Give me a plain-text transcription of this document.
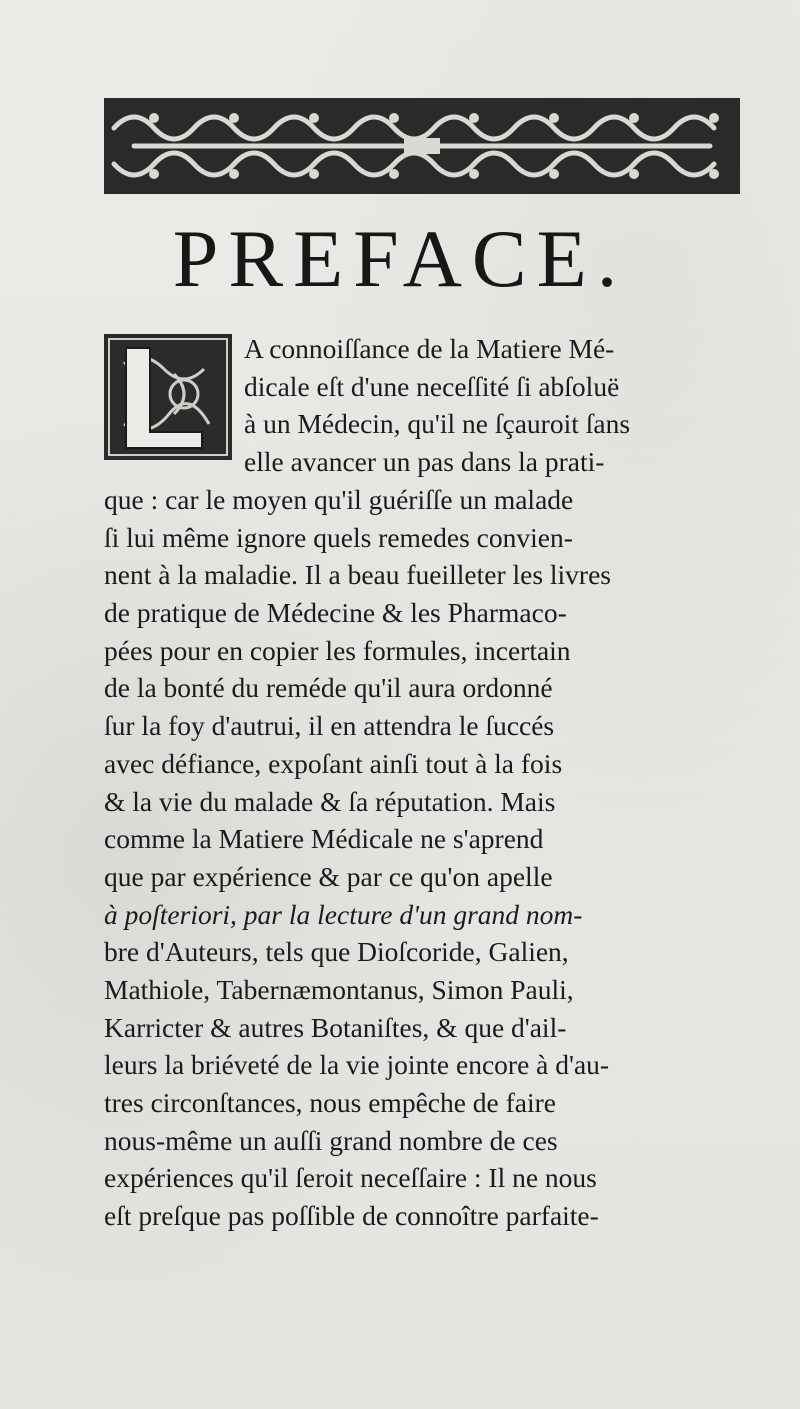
PREFACE.
L	A connoiſſance de la Matiere Mé-
dicale eſt d'une neceſſité ſi abſoluë
à un Médecin, qu'il ne ſçauroit ſans
elle avancer un pas dans la prati-
que : car le moyen qu'il guériſſe un malade
ſi lui même ignore quels remedes convien-
nent à la maladie. Il a beau fueilleter les livres
de pratique de Médecine & les Pharmaco-
pées pour en copier les formules, incertain
de la bonté du reméde qu'il aura ordonné
ſur la foy d'autrui, il en attendra le ſuccés
avec défiance, expoſant ainſi tout à la fois
& la vie du malade & ſa réputation. Mais
comme la Matiere Médicale ne s'aprend
que par expérience & par ce qu'on apelle
à poſteriori, par la lecture d'un grand nom-
bre d'Auteurs, tels que Dioſcoride, Galien,
Mathiole, Tabernæmontanus, Simon Pauli,
Karricter & autres Botaniſtes, & que d'ail-
leurs la briéveté de la vie jointe encore à d'au-
tres circonſtances, nous empêche de faire
nous-même un auſſi grand nombre de ces
expériences qu'il ſeroit neceſſaire : Il ne nous
eſt preſque pas poſſible de connoître parfaite-
